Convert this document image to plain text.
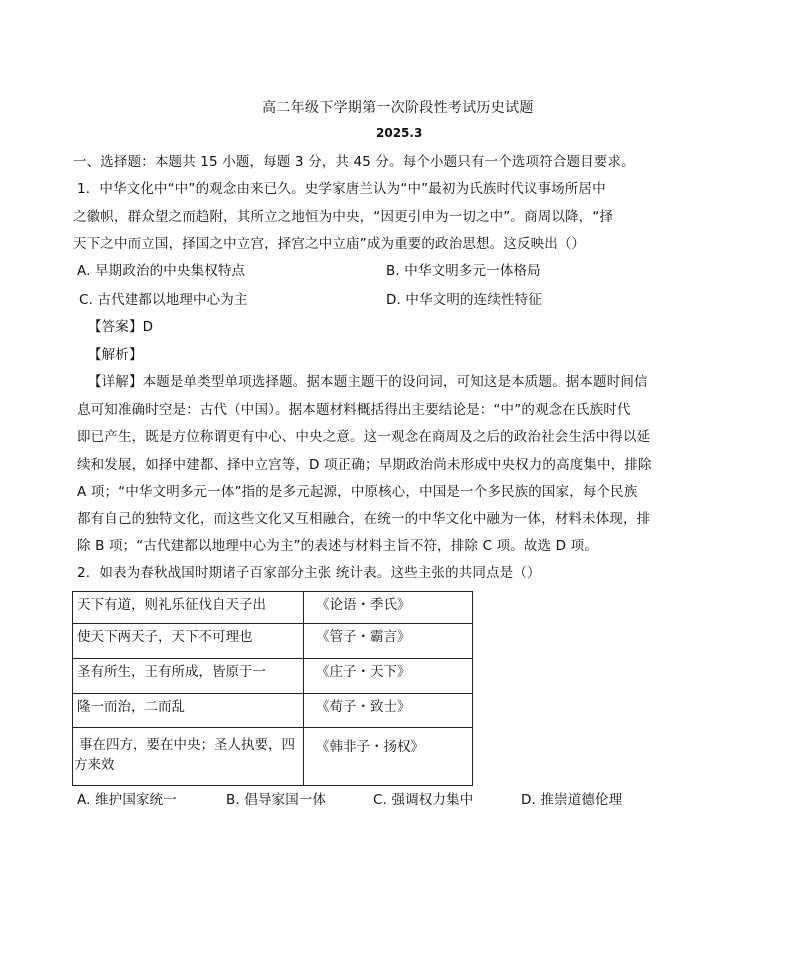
高二年级下学期第一次阶段性考试历史试题
2025.3
一、选择题：本题共 15 小题，每题 3 分，共 45 分。每个小题只有一个选项符合题目要求。
1．中华文化中“中”的观念由来已久。史学家唐兰认为“中”最初为氏族时代议事场所居中
之徽帜，群众望之而趋附，其所立之地恒为中央，“因更引申为一切之中”。商周以降，“择
天下之中而立国，择国之中立宫，择宫之中立庙”成为重要的政治思想。这反映出（）
A. 早期政治的中央集权特点	B. 中华文明多元一体格局
C. 古代建都以地理中心为主	D. 中华文明的连续性特征
【答案】D
【解析】
【详解】本题是单类型单项选择题。据本题主题干的设问词，可知这是本质题。据本题时间信
息可知准确时空是：古代（中国）。据本题材料概括得出主要结论是：“中”的观念在氏族时代
即已产生，既是方位称谓更有中心、中央之意。这一观念在商周及之后的政治社会生活中得以延
续和发展，如择中建都、择中立宫等，D 项正确；早期政治尚未形成中央权力的高度集中，排除
A 项；“中华文明多元一体”指的是多元起源，中原核心，中国是一个多民族的国家，每个民族
都有自己的独特文化，而这些文化又互相融合，在统一的中华文化中融为一体，材料未体现，排
除 B 项；“古代建都以地理中心为主”的表述与材料主旨不符，排除 C 项。故选 D 项。
2．如表为春秋战国时期诸子百家部分主张 统计表。这些主张的共同点是（）
天下有道，则礼乐征伐自天子出	《论语・季氏》
使天下两天子，天下不可理也	《管子・霸言》
圣有所生，王有所成，皆原于一	《庄子・天下》
隆一而治，二而乱	《荀子・致士》

事在四方，要在中央；圣人执要，四
方来效	《韩非子・扬权》
A. 维护国家统一	B. 倡导家国一体	C. 强调权力集中	D. 推崇道德伦理
